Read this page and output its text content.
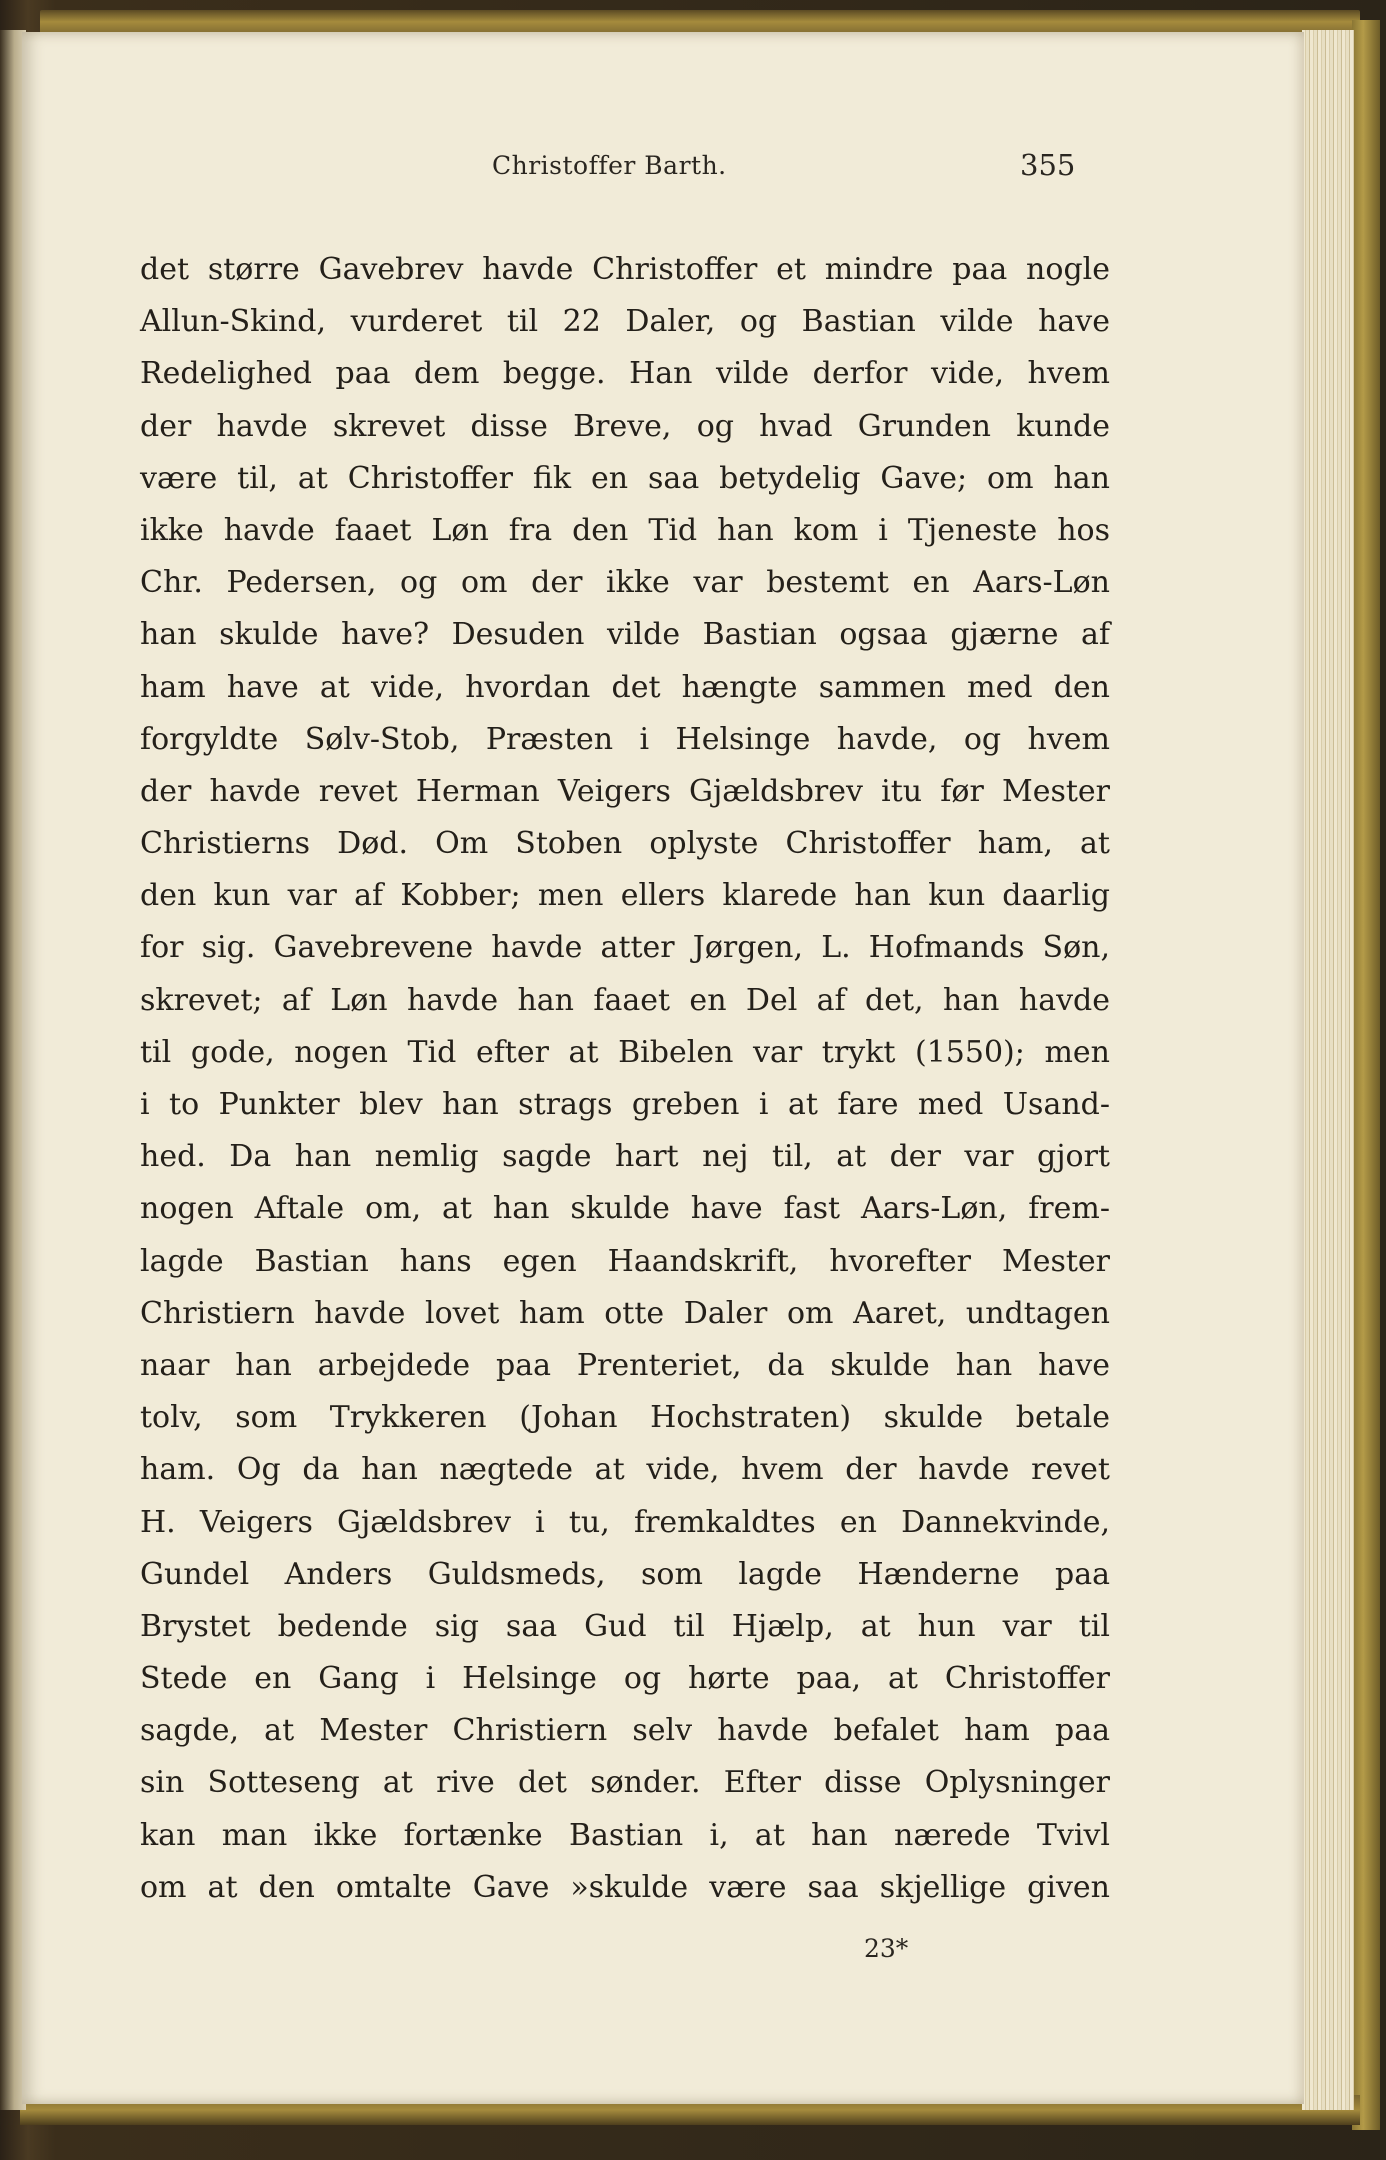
Christoffer Barth.	355
det større Gavebrev havde Christoffer et mindre paa nogle
Allun-Skind, vurderet til 22 Daler, og Bastian vilde have
Redelighed paa dem begge. Han vilde derfor vide, hvem
der havde skrevet disse Breve, og hvad Grunden kunde
være til, at Christoffer fik en saa betydelig Gave; om han
ikke havde faaet Løn fra den Tid han kom i Tjeneste hos
Chr. Pedersen, og om der ikke var bestemt en Aars-Løn
han skulde have? Desuden vilde Bastian ogsaa gjærne af
ham have at vide, hvordan det hængte sammen med den
forgyldte Sølv-Stob, Præsten i Helsinge havde, og hvem
der havde revet Herman Veigers Gjældsbrev itu før Mester
Christierns Død. Om Stoben oplyste Christoffer ham, at
den kun var af Kobber; men ellers klarede han kun daarlig
for sig. Gavebrevene havde atter Jørgen, L. Hofmands Søn,
skrevet; af Løn havde han faaet en Del af det, han havde
til gode, nogen Tid efter at Bibelen var trykt (1550); men
i to Punkter blev han strags greben i at fare med Usand-
hed. Da han nemlig sagde hart nej til, at der var gjort
nogen Aftale om, at han skulde have fast Aars-Løn, frem-
lagde Bastian hans egen Haandskrift, hvorefter Mester
Christiern havde lovet ham otte Daler om Aaret, undtagen
naar han arbejdede paa Prenteriet, da skulde han have
tolv, som Trykkeren (Johan Hochstraten) skulde betale
ham. Og da han nægtede at vide, hvem der havde revet
H. Veigers Gjældsbrev i tu, fremkaldtes en Dannekvinde,
Gundel Anders Guldsmeds, som lagde Hænderne paa
Brystet bedende sig saa Gud til Hjælp, at hun var til
Stede en Gang i Helsinge og hørte paa, at Christoffer
sagde, at Mester Christiern selv havde befalet ham paa
sin Sotteseng at rive det sønder. Efter disse Oplysninger
kan man ikke fortænke Bastian i, at han nærede Tvivl
om at den omtalte Gave »skulde være saa skjellige given
23*
